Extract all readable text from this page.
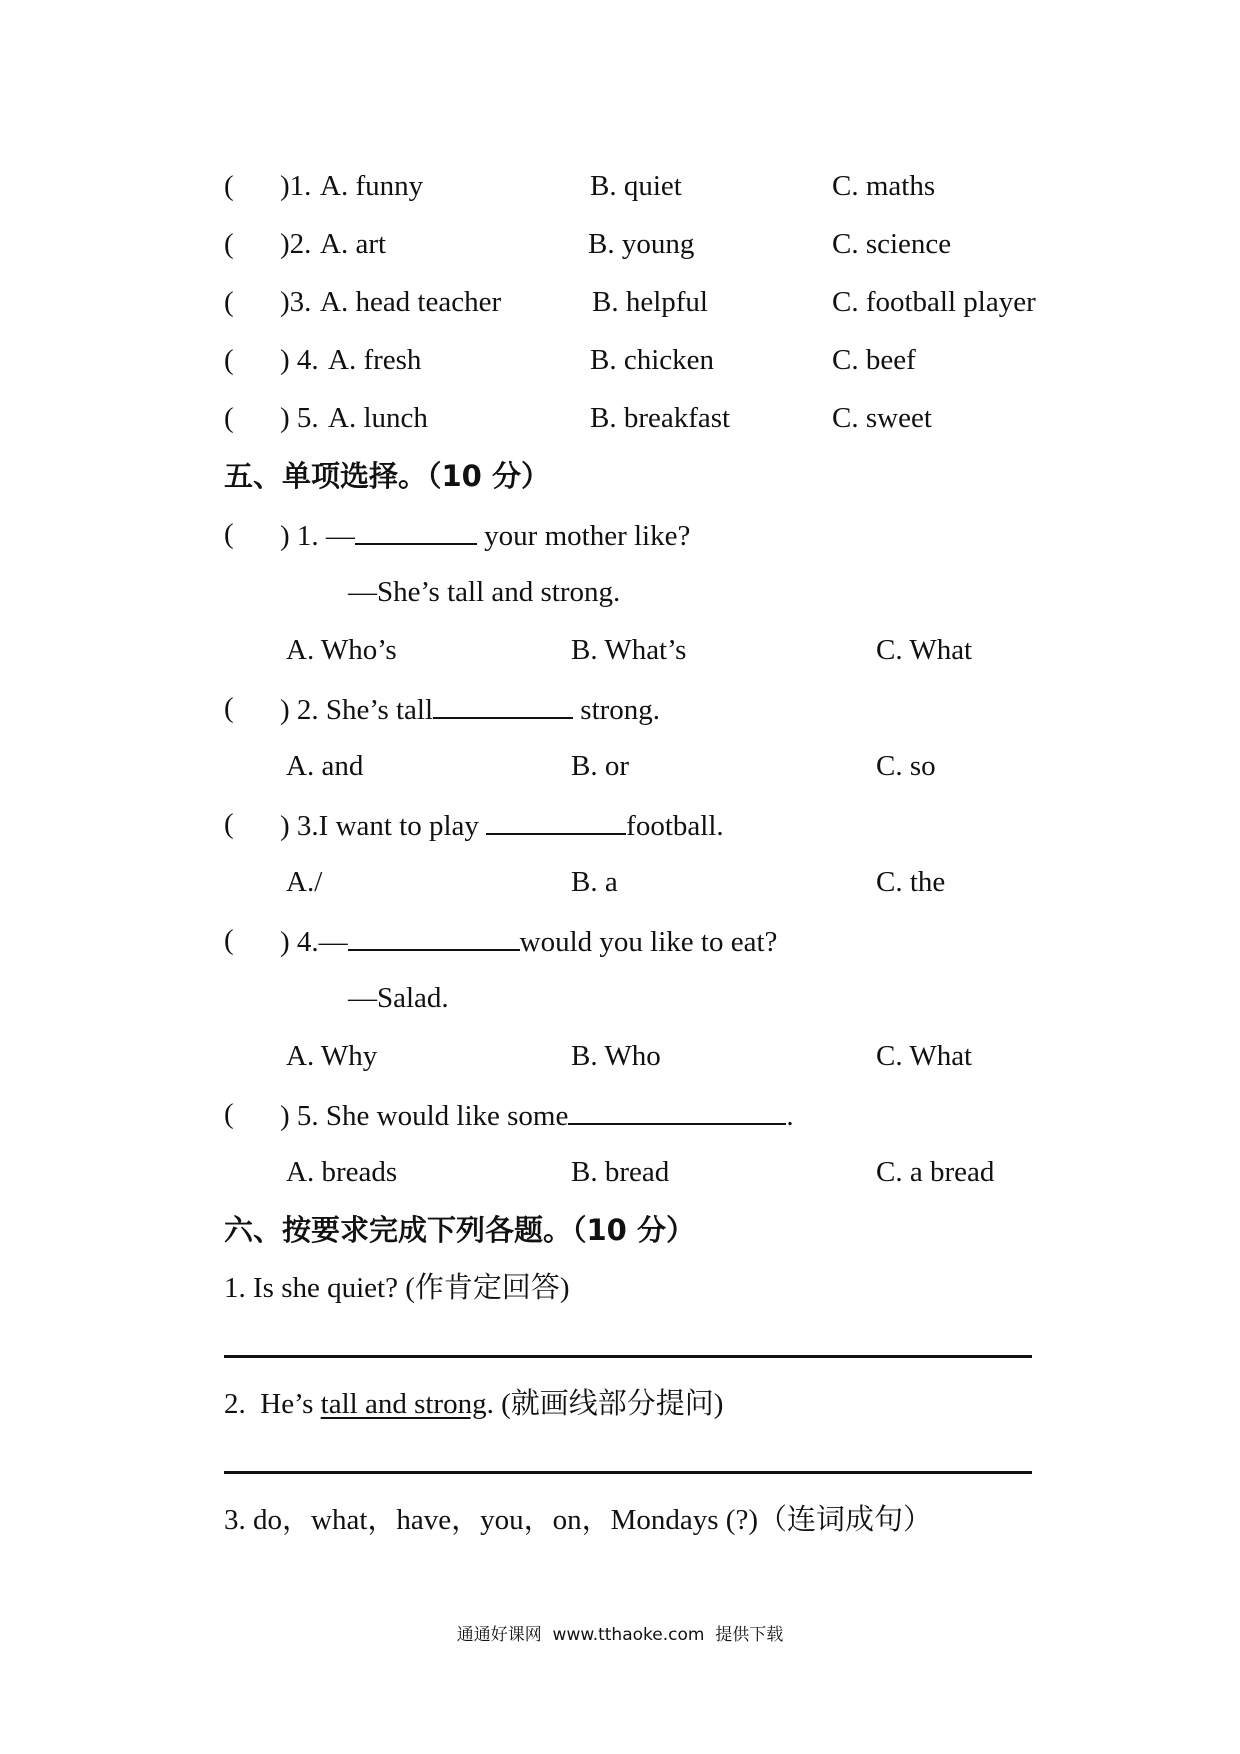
( )1. A. funny	B. quiet	C. maths
( )2. A. art	B. young	C. science
( )3. A. head teacher	B. helpful	C. football player
( ) 4. A. fresh	B. chicken	C. beef
( ) 5. A. lunch	B. breakfast	C. sweet
五、单项选择。（10 分）
( ) 1. —	your mother like?
—She’s tall and strong.
A. Who’s	B. What’s	C. What
( ) 2. She’s tall	strong.
A. and	B. or	C. so
( ) 3.I want to play	football.
A./	B. a	C. the
( ) 4.—	would you like to eat?
—Salad.
A. Why	B. Who	C. What
( ) 5. She would like some	.
A. breads	B. bread	C. a bread
六、按要求完成下列各题。（10 分）
1. Is she quiet? (作肯定回答)
2.  He’s tall and strong. (就画线部分提问)
3. do，what，have，you，on，Mondays (?)（连词成句）
通通好课网  www.tthaoke.com  提供下载
